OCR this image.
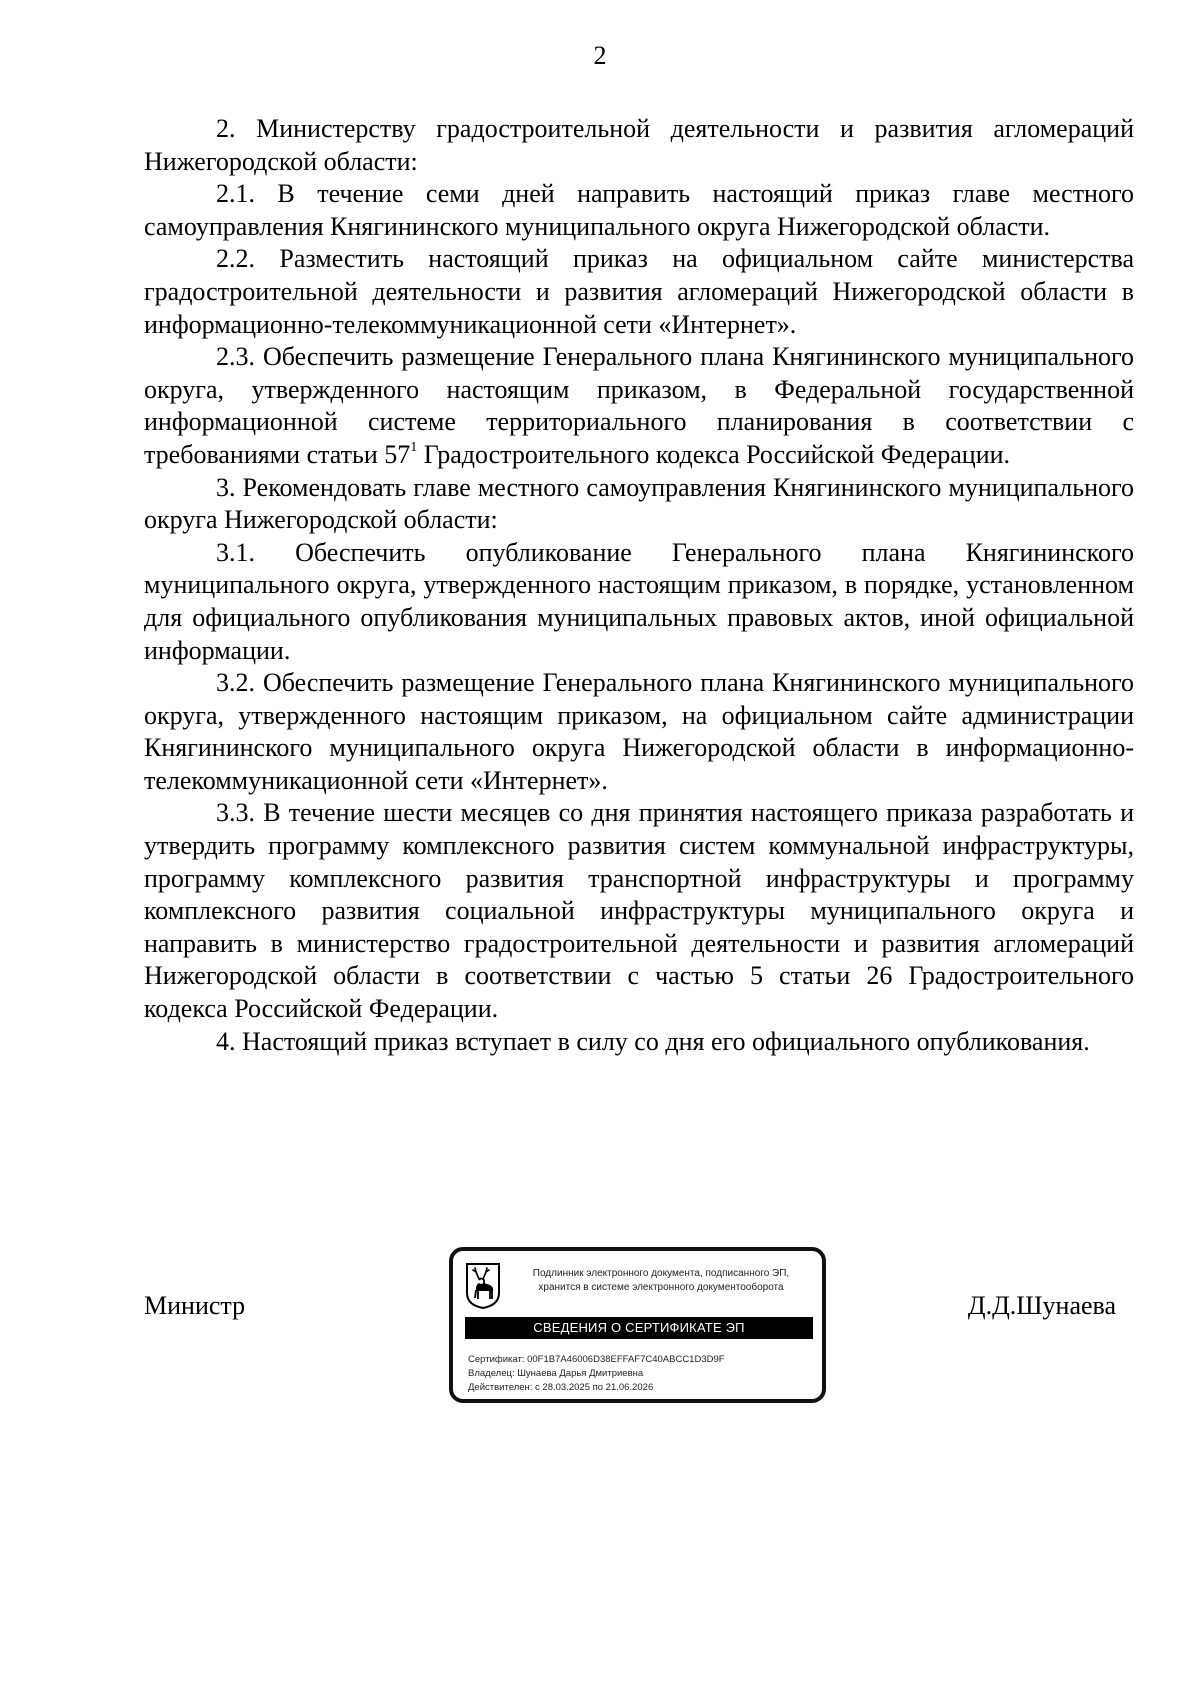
2

2. Министерству градостроительной деятельности и развития агломераций Нижегородской области:

2.1. В течение семи дней направить настоящий приказ главе местного самоуправления Княгининского муниципального округа Нижегородской области.

2.2. Разместить настоящий приказ на официальном сайте министерства градостроительной деятельности и развития агломераций Нижегородской области в информационно-телекоммуникационной сети «Интернет».

2.3. Обеспечить размещение Генерального плана Княгининского муниципального округа, утвержденного настоящим приказом, в Федеральной государственной информационной системе территориального планирования в соответствии с требованиями статьи $57^1$ Градостроительного кодекса Российской Федерации.

3. Рекомендовать главе местного самоуправления Княгининского муниципального округа Нижегородской области:

3.1. Обеспечить опубликование Генерального плана Княгининского муниципального округа, утвержденного настоящим приказом, в порядке, установленном для официального опубликования муниципальных правовых актов, иной официальной информации.

3.2. Обеспечить размещение Генерального плана Княгининского муниципального округа, утвержденного настоящим приказом, на официальном сайте администрации Княгининского муниципального округа Нижегородской области в информационно-телекоммуникационной сети «Интернет».

3.3. В течение шести месяцев со дня принятия настоящего приказа разработать и утвердить программу комплексного развития систем коммунальной инфраструктуры, программу комплексного развития транспортной инфраструктуры и программу комплексного развития социальной инфраструктуры муниципального округа и направить в министерство градостроительной деятельности и развития агломераций Нижегородской области в соответствии с частью 5 статьи 26 Градостроительного кодекса Российской Федерации.

4. Настоящий приказ вступает в силу со дня его официального опубликования.

Министр
Подлинник электронного документа, подписанного ЭП,
хранится в системе электронного документооборота
СВЕДЕНИЯ О СЕРТИФИКАТЕ ЭП
Сертификат: 00F1B7A46006D38EFFAF7C40ABCC1D3D9F
Владелец: Шунаева Дарья Дмитриевна
Действителен: с 28.03.2025 по 21.06.2026
Д.Д.Шунаева
